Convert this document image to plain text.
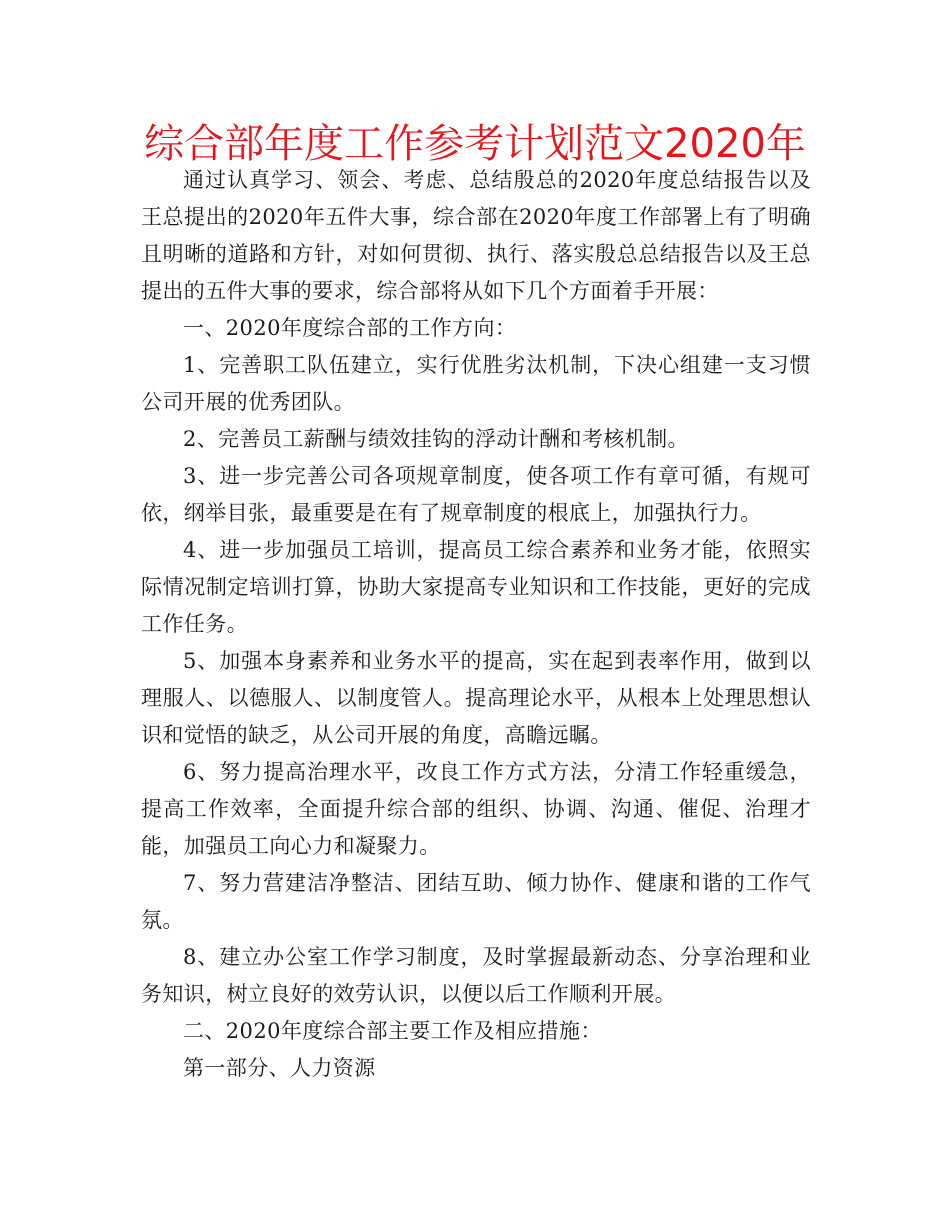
综合部年度工作参考计划范文2020年

通过认真学习、领会、考虑、总结殷总的2020年度总结报告以及王总提出的2020年五件大事，综合部在2020年度工作部署上有了明确且明晰的道路和方针，对如何贯彻、执行、落实殷总总结报告以及王总提出的五件大事的要求，综合部将从如下几个方面着手开展：

一、2020年度综合部的工作方向：

1、完善职工队伍建立，实行优胜劣汰机制，下决心组建一支习惯公司开展的优秀团队。

2、完善员工薪酬与绩效挂钩的浮动计酬和考核机制。

3、进一步完善公司各项规章制度，使各项工作有章可循，有规可依，纲举目张，最重要是在有了规章制度的根底上，加强执行力。

4、进一步加强员工培训，提高员工综合素养和业务才能，依照实际情况制定培训打算，协助大家提高专业知识和工作技能，更好的完成工作任务。

5、加强本身素养和业务水平的提高，实在起到表率作用，做到以理服人、以德服人、以制度管人。提高理论水平，从根本上处理思想认识和觉悟的缺乏，从公司开展的角度，高瞻远瞩。

6、努力提高治理水平，改良工作方式方法，分清工作轻重缓急，提高工作效率，全面提升综合部的组织、协调、沟通、催促、治理才能，加强员工向心力和凝聚力。

7、努力营建洁净整洁、团结互助、倾力协作、健康和谐的工作气氛。

8、建立办公室工作学习制度，及时掌握最新动态、分享治理和业务知识，树立良好的效劳认识，以便以后工作顺利开展。

二、2020年度综合部主要工作及相应措施：

第一部分、人力资源
